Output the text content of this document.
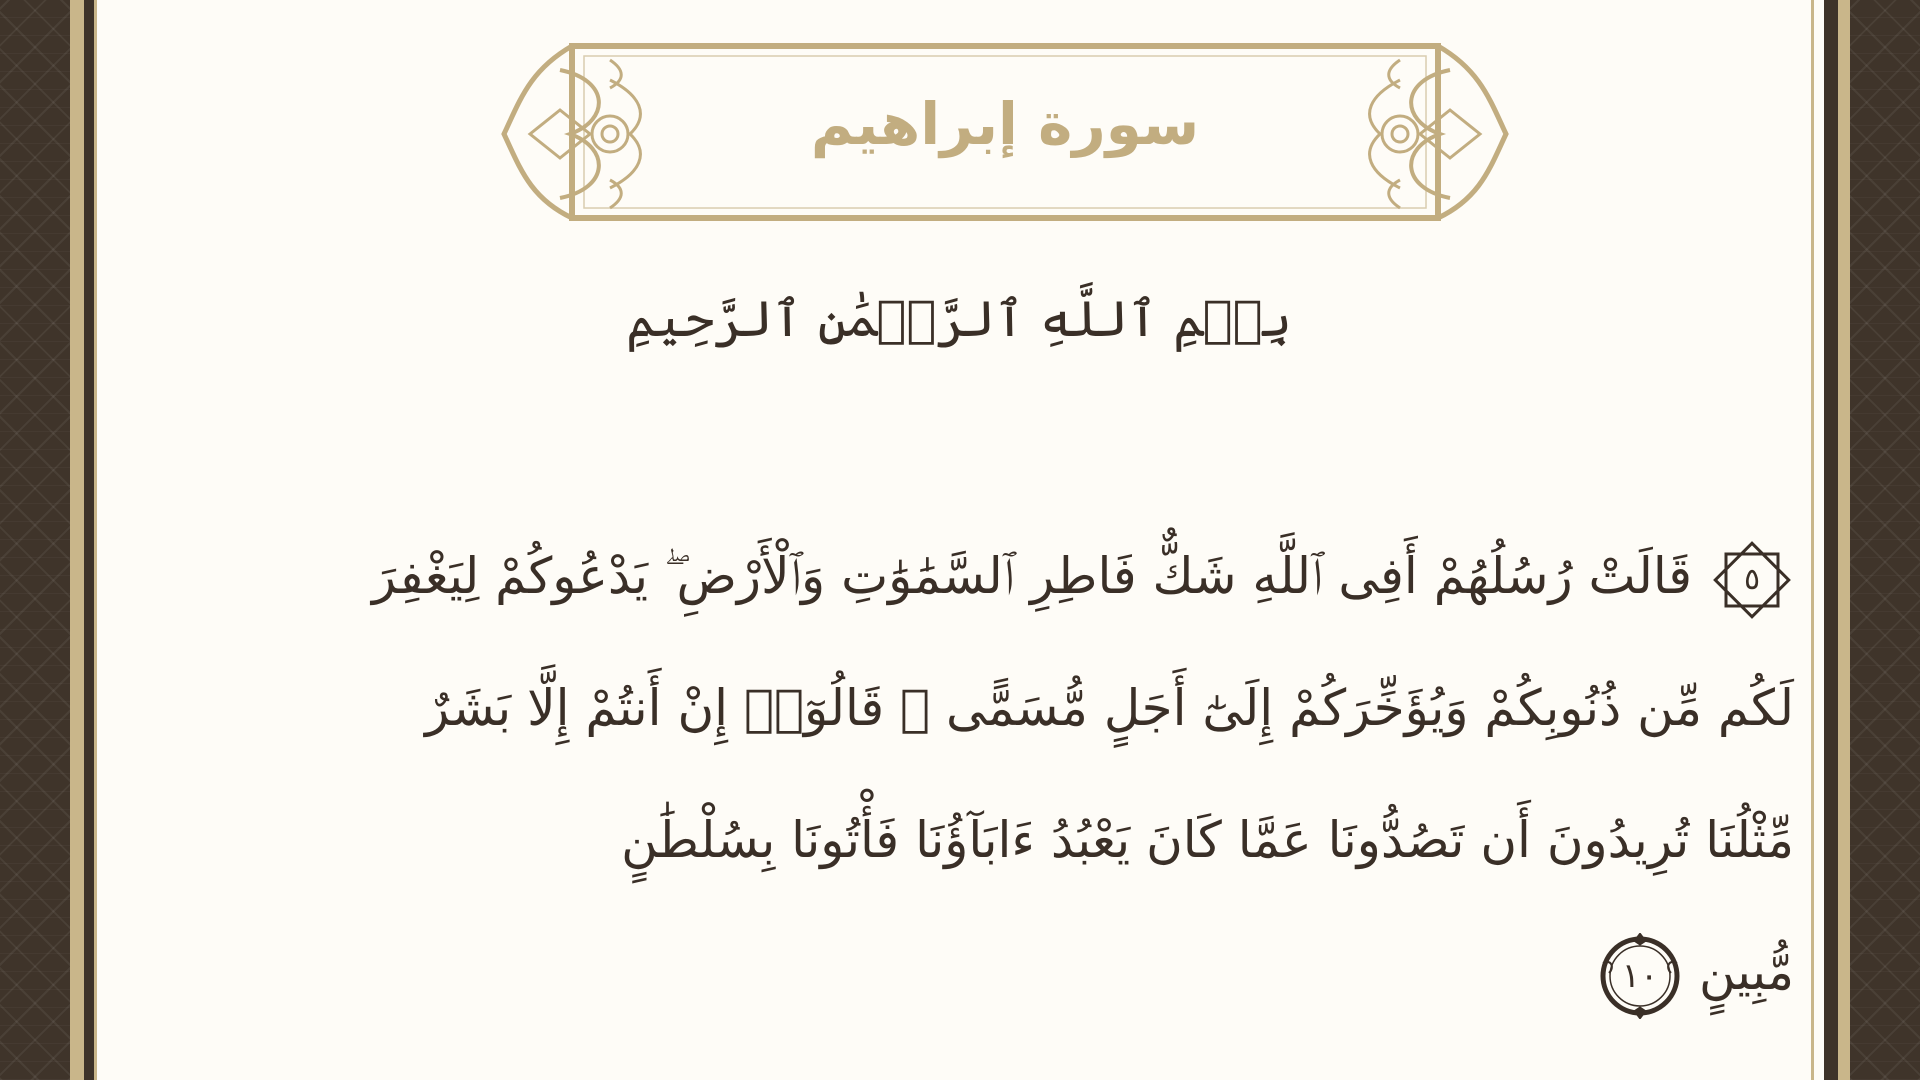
سورة إبراهيم
بِسۡمِ ٱللَّهِ ٱلرَّحۡمَٰنِ ٱلرَّحِيمِ
٥
قَالَتْ رُسُلُهُمْ أَفِى ٱللَّهِ شَكٌّ فَاطِرِ ٱلسَّمَٰوَٰتِ وَٱلْأَرْضِ ۖ يَدْعُوكُمْ لِيَغْفِرَ
لَكُم مِّن ذُنُوبِكُمْ وَيُؤَخِّرَكُمْ إِلَىٰٓ أَجَلٍ مُّسَمًّى ۚ قَالُوٓا۟ إِنْ أَنتُمْ إِلَّا بَشَرٌ
مِّثْلُنَا تُرِيدُونَ أَن تَصُدُّونَا عَمَّا كَانَ يَعْبُدُ ءَابَآؤُنَا فَأْتُونَا بِسُلْطَٰنٍ
مُّبِينٍ
١٠
